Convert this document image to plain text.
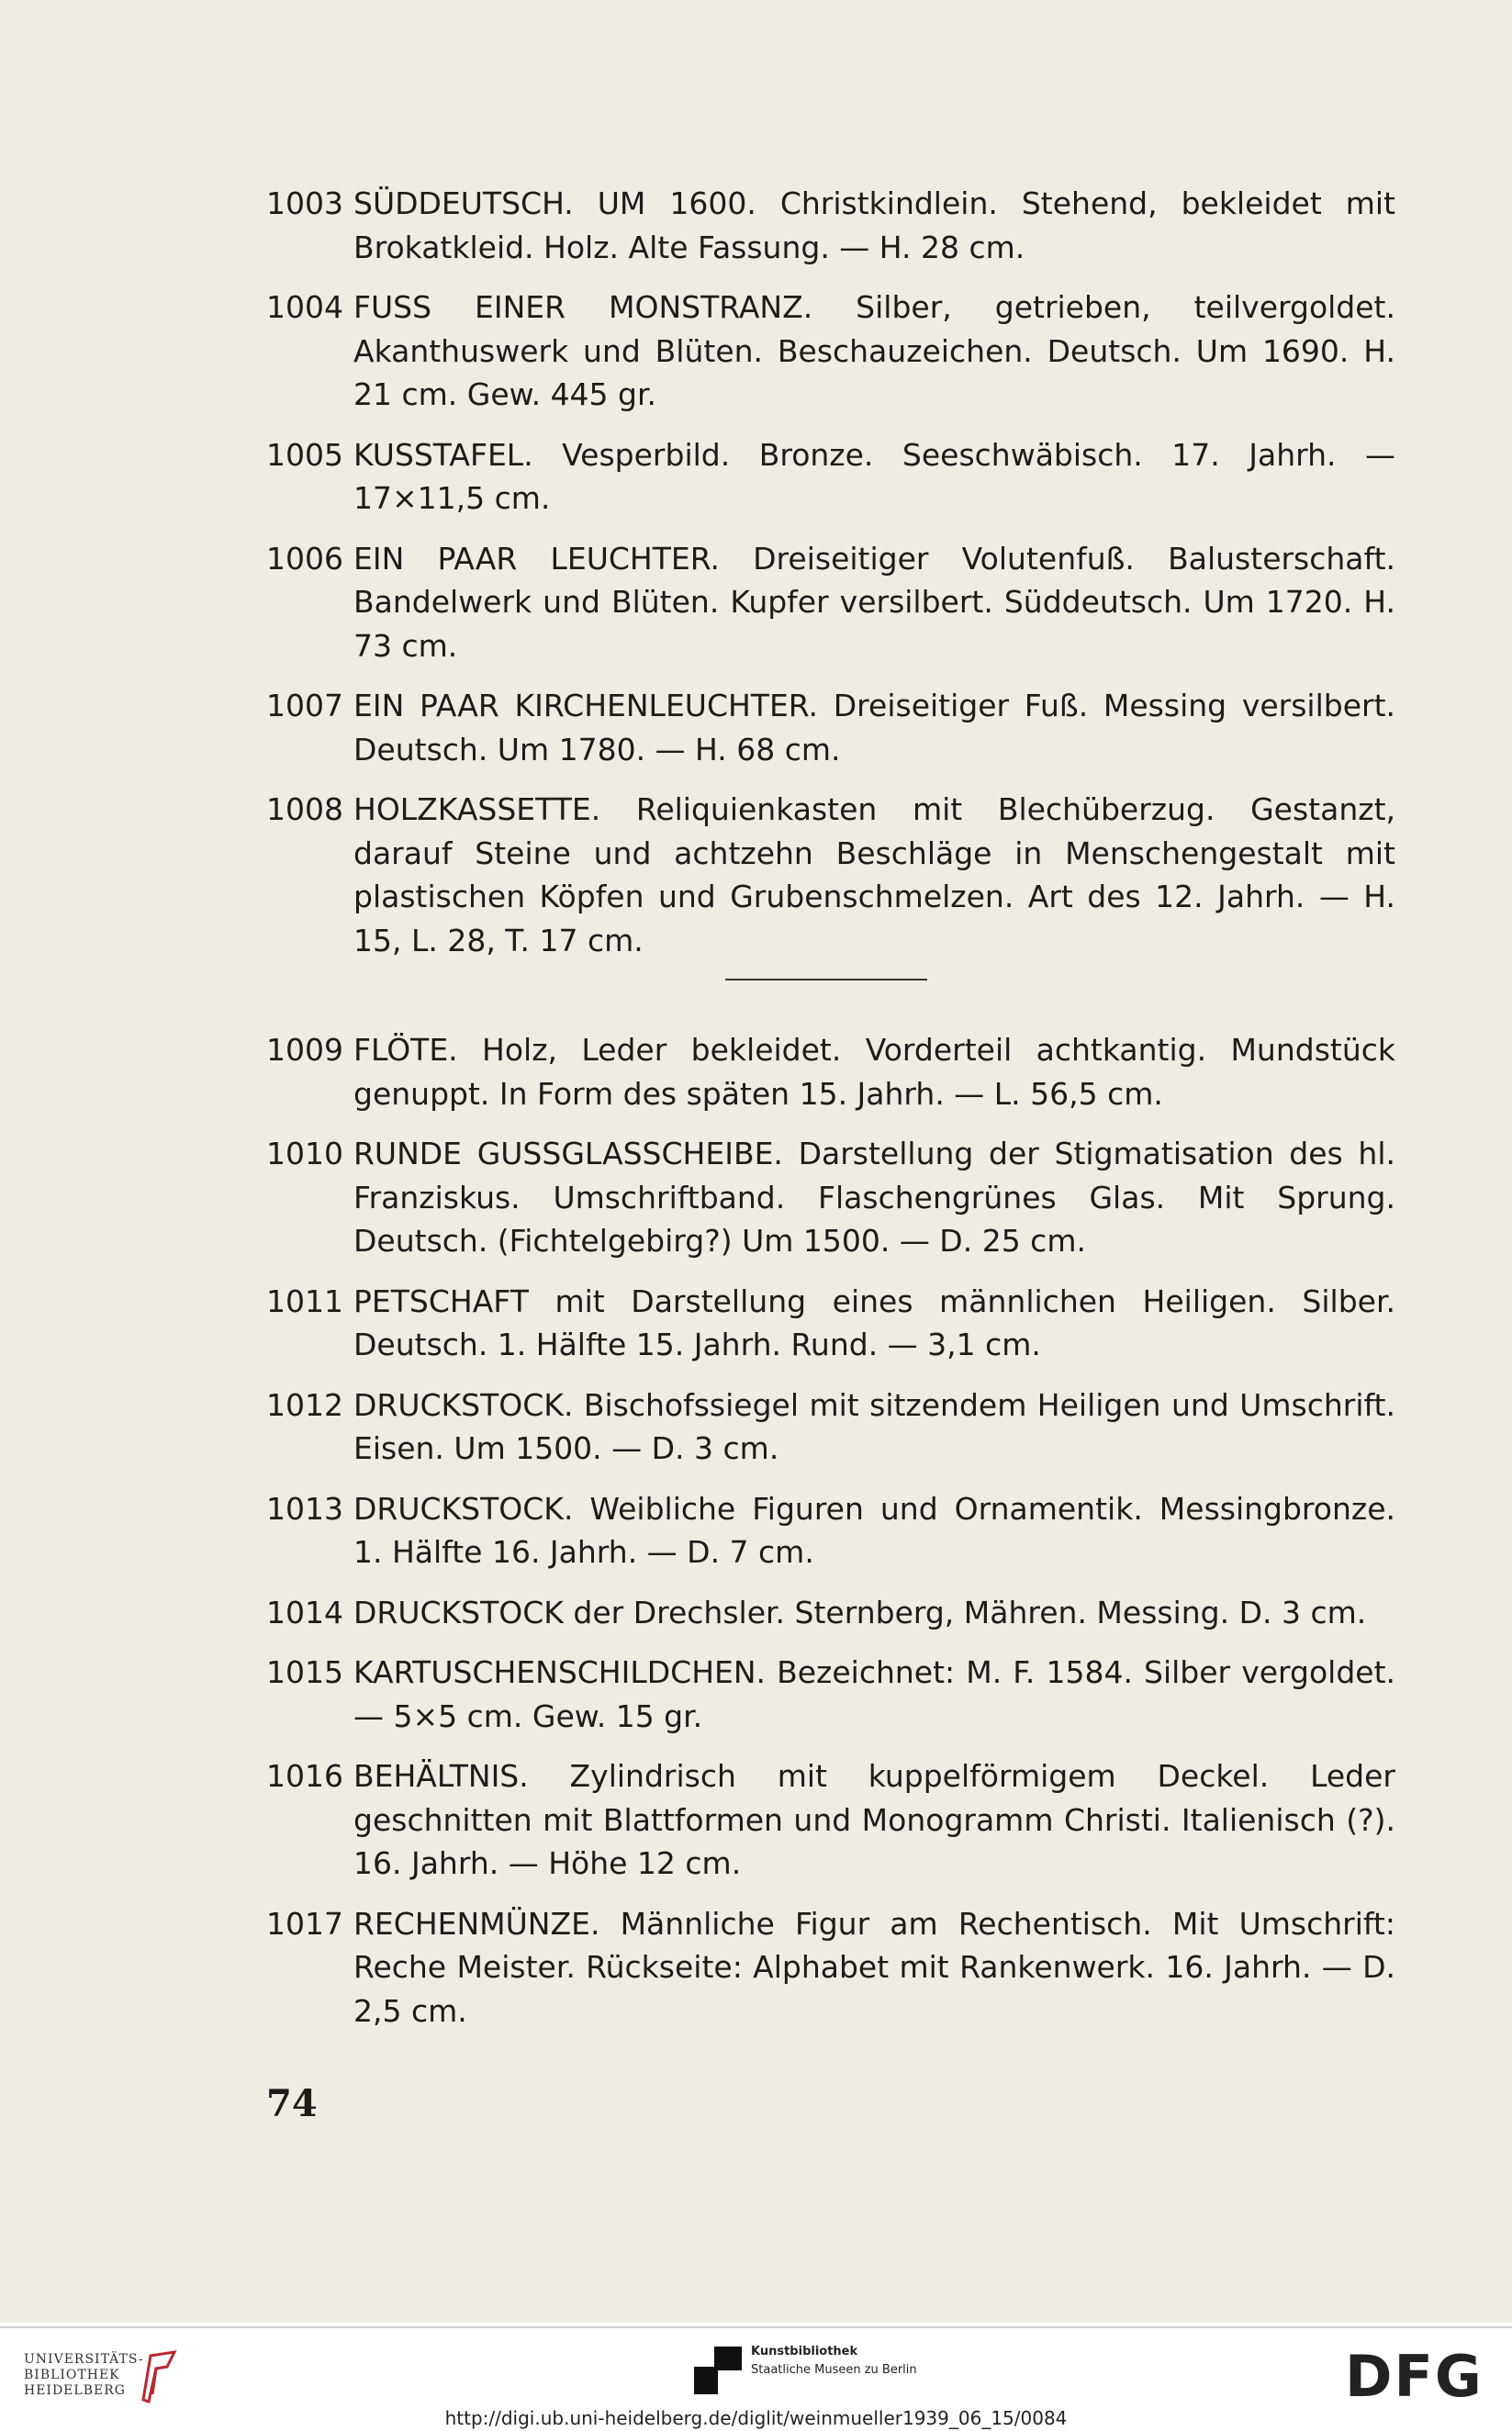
1003 SÜDDEUTSCH. UM 1600. Christkindlein. Stehend, bekleidet mit Brokatkleid. Holz. Alte Fassung. — H. 28 cm.
1004 FUSS EINER MONSTRANZ. Silber, getrieben, teilvergoldet. Akanthuswerk und Blüten. Beschauzeichen. Deutsch. Um 1690. H. 21 cm. Gew. 445 gr.
1005 KUSSTAFEL. Vesperbild. Bronze. Seeschwäbisch. 17. Jahrh. — 17×11,5 cm.
1006 EIN PAAR LEUCHTER. Dreiseitiger Volutenfuß. Balusterschaft. Bandelwerk und Blüten. Kupfer versilbert. Süddeutsch. Um 1720. H. 73 cm.
1007 EIN PAAR KIRCHENLEUCHTER. Dreiseitiger Fuß. Messing versilbert. Deutsch. Um 1780. — H. 68 cm.
1008 HOLZKASSETTE. Reliquienkasten mit Blechüberzug. Gestanzt, darauf Steine und achtzehn Beschläge in Menschengestalt mit plastischen Köpfen und Grubenschmelzen. Art des 12. Jahrh. — H. 15, L. 28, T. 17 cm.
1009 FLÖTE. Holz, Leder bekleidet. Vorderteil achtkantig. Mundstück genuppt. In Form des späten 15. Jahrh. — L. 56,5 cm.
1010 RUNDE GUSSGLASSCHEIBE. Darstellung der Stigmatisation des hl. Franziskus. Umschriftband. Flaschengrünes Glas. Mit Sprung. Deutsch. (Fichtelgebirg?) Um 1500. — D. 25 cm.
1011 PETSCHAFT mit Darstellung eines männlichen Heiligen. Silber. Deutsch. 1. Hälfte 15. Jahrh. Rund. — 3,1 cm.
1012 DRUCKSTOCK. Bischofssiegel mit sitzendem Heiligen und Umschrift. Eisen. Um 1500. — D. 3 cm.
1013 DRUCKSTOCK. Weibliche Figuren und Ornamentik. Messingbronze. 1. Hälfte 16. Jahrh. — D. 7 cm.
1014 DRUCKSTOCK der Drechsler. Sternberg, Mähren. Messing. D. 3 cm.
1015 KARTUSCHENSCHILDCHEN. Bezeichnet: M. F. 1584. Silber vergoldet. — 5×5 cm. Gew. 15 gr.
1016 BEHÄLTNIS. Zylindrisch mit kuppelförmigem Deckel. Leder geschnitten mit Blattformen und Monogramm Christi. Italienisch (?). 16. Jahrh. — Höhe 12 cm.
1017 RECHENMÜNZE. Männliche Figur am Rechentisch. Mit Umschrift: Reche Meister. Rückseite: Alphabet mit Rankenwerk. 16. Jahrh. — D. 2,5 cm.
74
UNIVERSITÄTS-
BIBLIOTHEK
HEIDELBERG
Kunstbibliothek
Staatliche Museen zu Berlin	DFG
http://digi.ub.uni-heidelberg.de/diglit/weinmueller1939_06_15/0084
